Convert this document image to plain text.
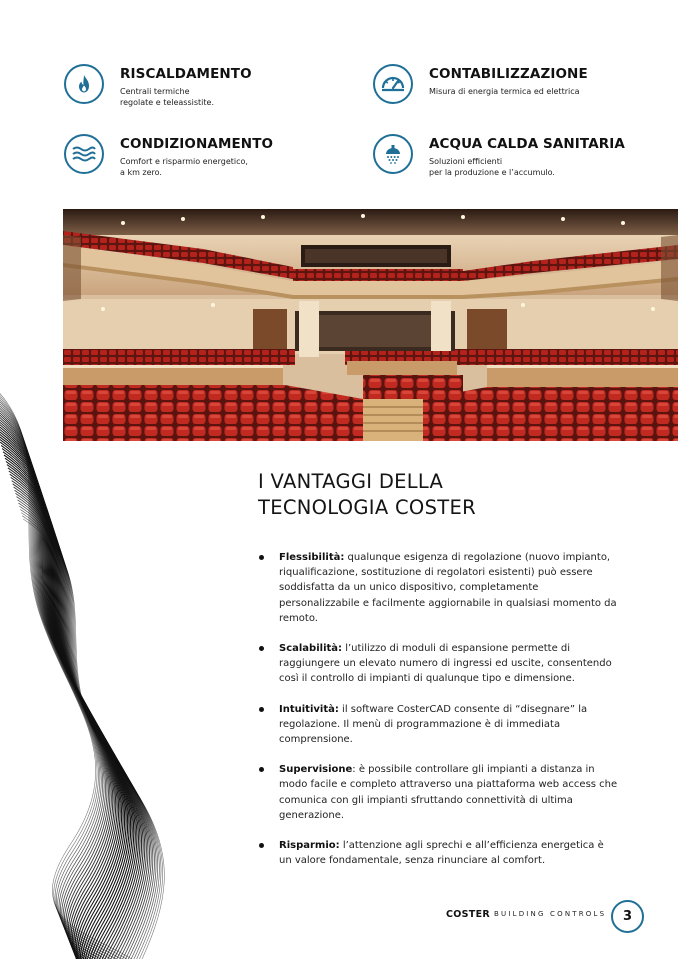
RISCALDAMENTO
Centrali termiche
regolate e teleassistite.
CONTABILIZZAZIONE
Misura di energia termica ed elettrica
CONDIZIONAMENTO
Comfort e risparmio energetico,
a km zero.
ACQUA CALDA SANITARIA
Soluzioni efficienti
per la produzione e l’accumulo.
I VANTAGGI DELLA
TECNOLOGIA COSTER
Flessibilità: qualunque esigenza di regolazione (nuovo impianto, riqualificazione, sostituzione di regolatori esistenti) può essere soddisfatta da un unico dispositivo, completamente personalizzabile e facilmente aggiornabile in qualsiasi momento da remoto.
Scalabilità: l’utilizzo di moduli di espansione permette di raggiungere un elevato numero di ingressi ed uscite, consentendo così il controllo di impianti di qualunque tipo e dimensione.
Intuitività: il software CosterCAD consente di “disegnare” la regolazione. Il menù di programmazione è di immediata comprensione.
Supervisione: è possibile controllare gli impianti a distanza in modo facile e completo attraverso una piattaforma web access che comunica con gli impianti sfruttando connettività di ultima generazione.
Risparmio: l’attenzione agli sprechi e all’efficienza energetica è un valore fondamentale, senza rinunciare al comfort.
COSTER BUILDING CONTROLS 3
